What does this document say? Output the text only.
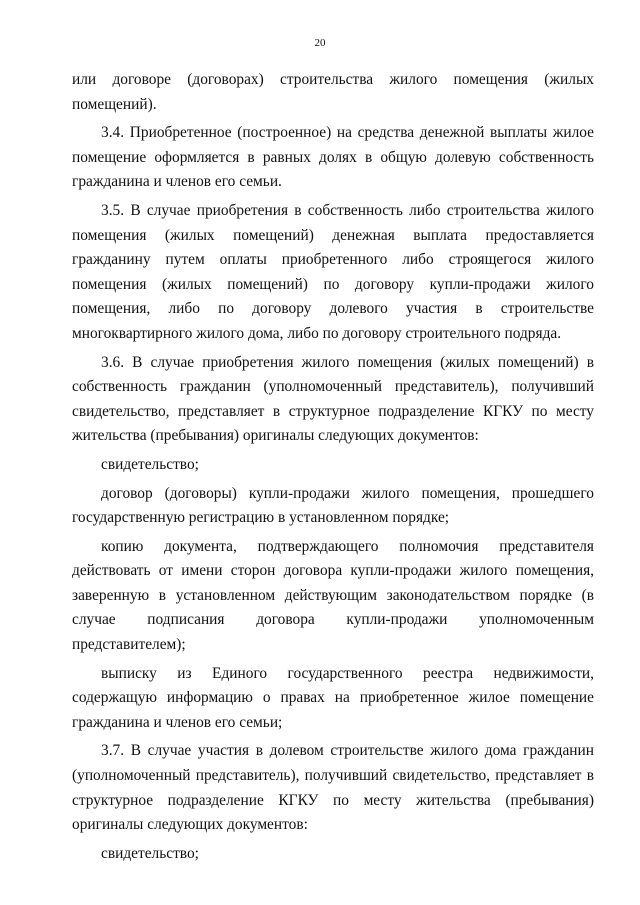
20

или договоре (договорах) строительства жилого помещения (жилых помещений).

3.4. Приобретенное (построенное) на средства денежной выплаты жилое помещение оформляется в равных долях в общую долевую собственность гражданина и членов его семьи.

3.5. В случае приобретения в собственность либо строительства жилого помещения (жилых помещений) денежная выплата предоставляется гражданину путем оплаты приобретенного либо строящегося жилого помещения (жилых помещений) по договору купли-продажи жилого помещения, либо по договору долевого участия в строительстве многоквартирного жилого дома, либо по договору строительного подряда.

3.6. В случае приобретения жилого помещения (жилых помещений) в собственность гражданин (уполномоченный представитель), получивший свидетельство, представляет в структурное подразделение КГКУ по месту жительства (пребывания) оригиналы следующих документов:

свидетельство;

договор (договоры) купли-продажи жилого помещения, прошедшего государственную регистрацию в установленном порядке;

копию документа, подтверждающего полномочия представителя действовать от имени сторон договора купли-продажи жилого помещения, заверенную в установленном действующим законодательством порядке (в случае подписания договора купли-продажи уполномоченным представителем);

выписку из Единого государственного реестра недвижимости, содержащую информацию о правах на приобретенное жилое помещение гражданина и членов его семьи;

3.7. В случае участия в долевом строительстве жилого дома гражданин (уполномоченный представитель), получивший свидетельство, представляет в структурное подразделение КГКУ по месту жительства (пребывания) оригиналы следующих документов:

свидетельство;
